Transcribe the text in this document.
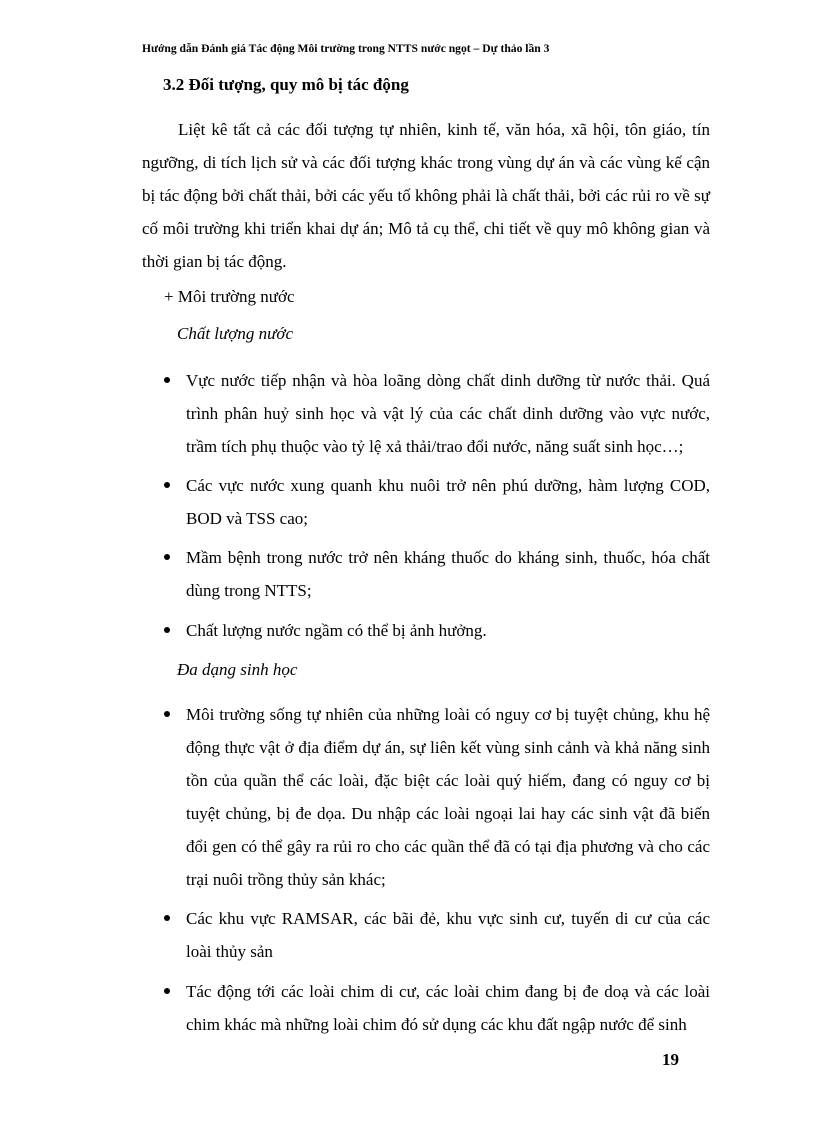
Hướng dẫn Đánh giá Tác động Môi trường trong NTTS nước ngọt – Dự thảo lần 3
3.2 Đối tượng, quy mô bị tác động

Liệt kê tất cả các đối tượng tự nhiên, kinh tế, văn hóa, xã hội, tôn giáo, tín ngưỡng, di tích lịch sử và các đối tượng khác trong vùng dự án và các vùng kế cận bị tác động bởi chất thải, bởi các yếu tố không phải là chất thải, bởi các rủi ro về sự cố môi trường khi triển khai dự án; Mô tả cụ thể, chi tiết về quy mô không gian và thời gian bị tác động.

+ Môi trường nước
Chất lượng nước
Vực nước tiếp nhận và hòa loãng dòng chất dinh dưỡng từ nước thải. Quá trình phân huỷ sinh học và vật lý của các chất dinh dưỡng vào vực nước, trầm tích phụ thuộc vào tỷ lệ xả thải/trao đổi nước, năng suất sinh học…;
Các vực nước xung quanh khu nuôi trở nên phú dưỡng, hàm lượng COD, BOD và TSS cao;
Mầm bệnh trong nước trở nên kháng thuốc do kháng sinh, thuốc, hóa chất dùng trong NTTS;
Chất lượng nước ngầm có thể bị ảnh hưởng.
Đa dạng sinh học
Môi trường sống tự nhiên của những loài có nguy cơ bị tuyệt chủng, khu hệ động thực vật ở địa điểm dự án, sự liên kết vùng sinh cảnh và khả năng sinh tồn của quần thể các loài, đặc biệt các loài quý hiếm, đang có nguy cơ bị tuyệt chủng, bị đe dọa. Du nhập các loài ngoại lai hay các sinh vật đã biến đổi gen có thể gây ra rủi ro cho các quần thể đã có tại địa phương và cho các trại nuôi trồng thủy sản khác;
Các khu vực RAMSAR, các bãi đẻ, khu vực sinh cư, tuyến di cư của các loài thủy sản
Tác động tới các loài chim di cư, các loài chim đang bị đe doạ và các loài chim khác mà những loài chim đó sử dụng các khu đất ngập nước để sinh
19
